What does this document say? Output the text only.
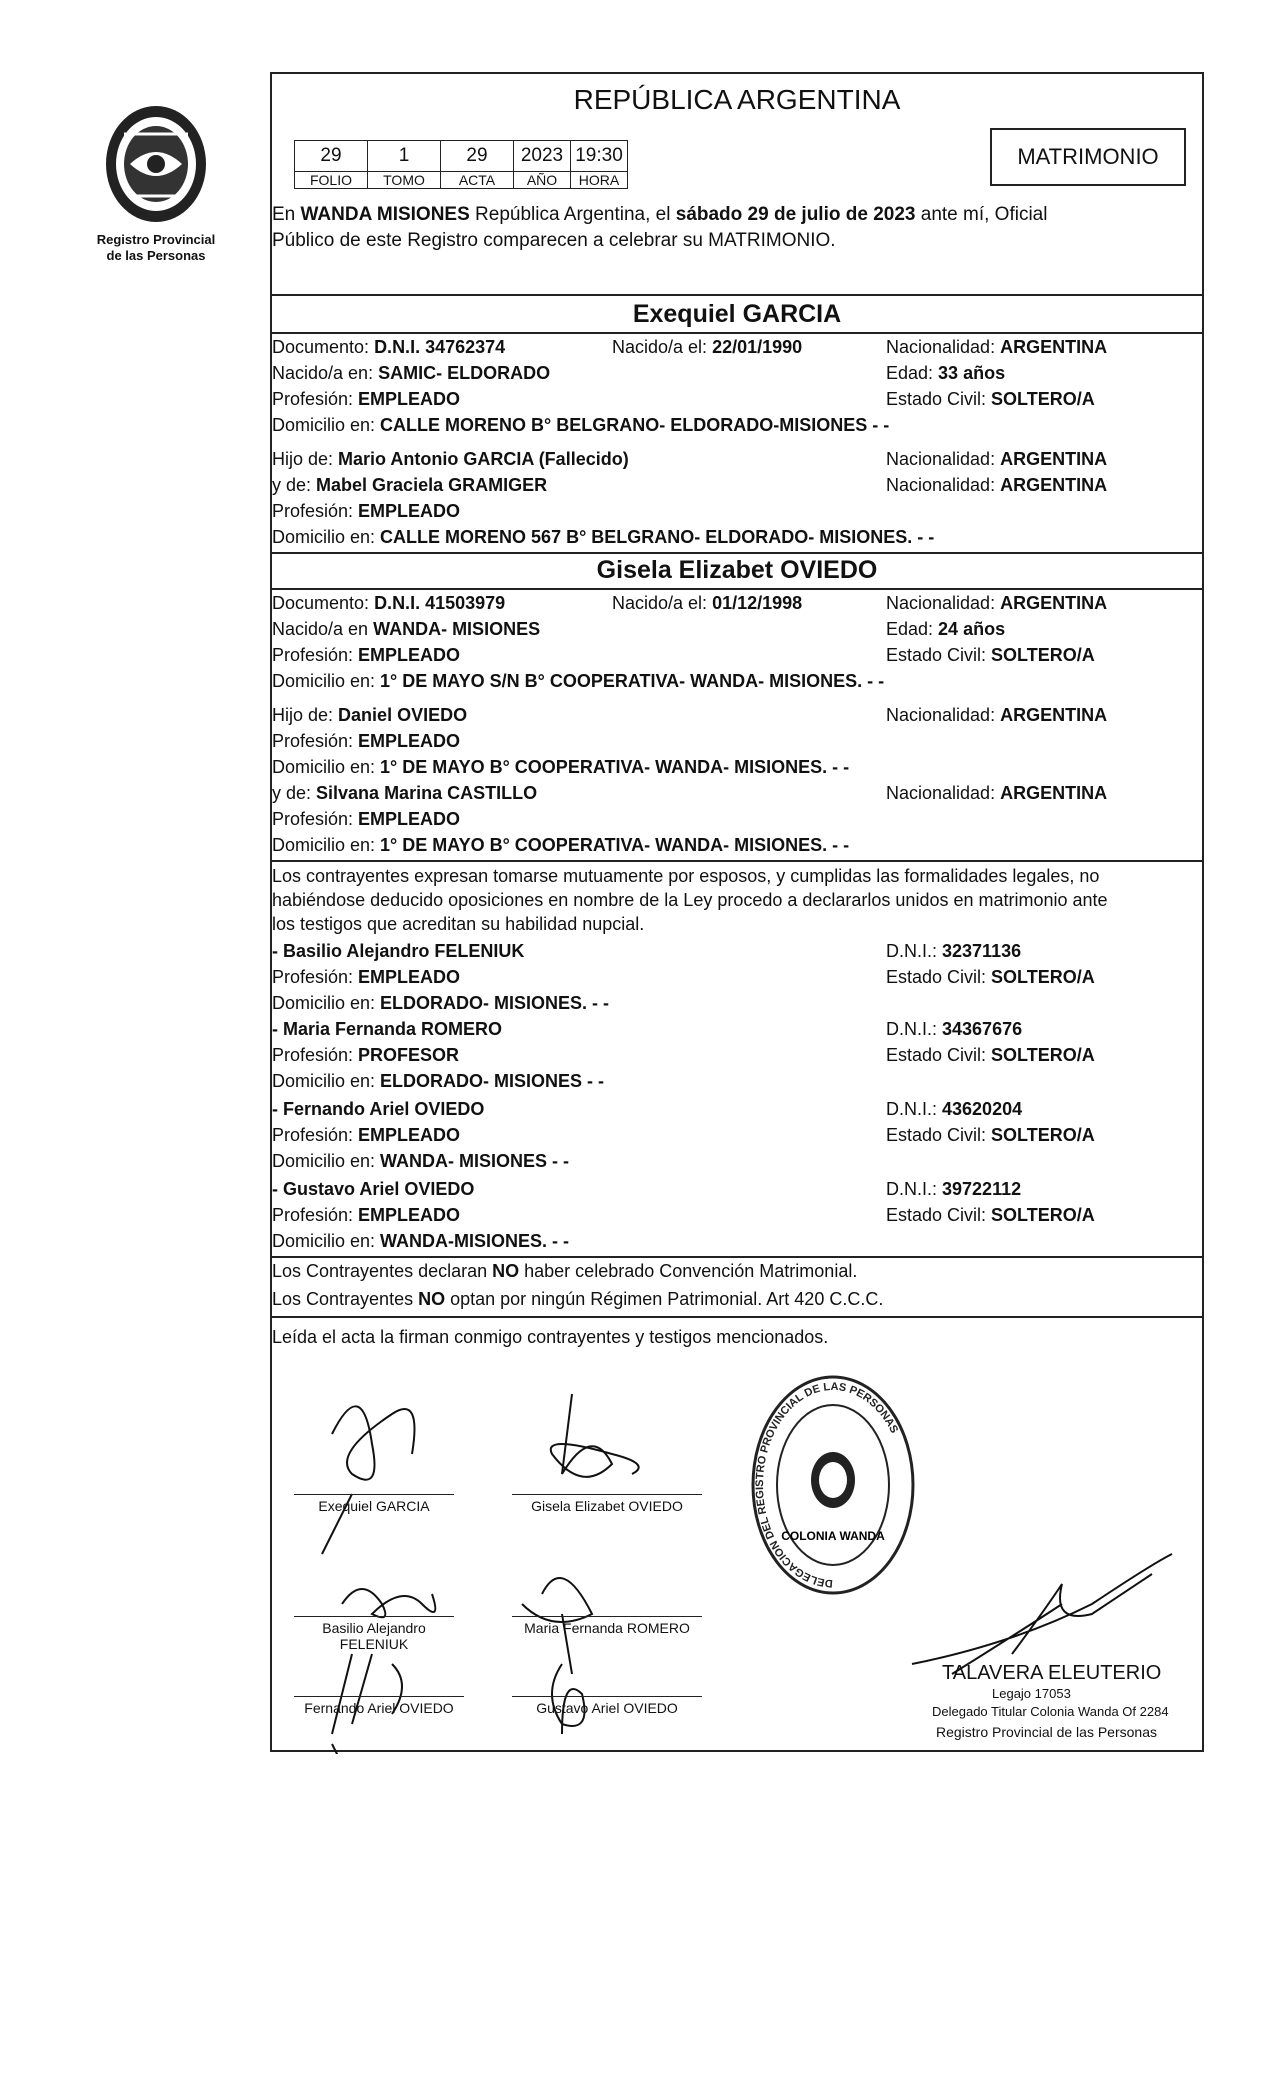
Registro Provincial
de las Personas
REPÚBLICA ARGENTINA
29	1	29	2023	19:30
FOLIO	TOMO	ACTA	AÑO	HORA
MATRIMONIO
En WANDA MISIONES República Argentina, el sábado 29 de julio de 2023 ante mí, Oficial
Público de este Registro comparecen a celebrar su MATRIMONIO.
Exequiel GARCIA
Documento: D.N.I. 34762374	Nacido/a el: 22/01/1990	Nacionalidad: ARGENTINA
Nacido/a en: SAMIC- ELDORADO	Edad: 33 años
Profesión: EMPLEADO	Estado Civil: SOLTERO/A
Domicilio en: CALLE MORENO B° BELGRANO- ELDORADO-MISIONES - -
Hijo de: Mario Antonio GARCIA (Fallecido)	Nacionalidad: ARGENTINA
y de: Mabel Graciela GRAMIGER	Nacionalidad: ARGENTINA
Profesión: EMPLEADO
Domicilio en: CALLE MORENO 567 B° BELGRANO- ELDORADO- MISIONES. - -
Gisela Elizabet OVIEDO
Documento: D.N.I. 41503979	Nacido/a el: 01/12/1998	Nacionalidad: ARGENTINA
Nacido/a en WANDA- MISIONES	Edad: 24 años
Profesión: EMPLEADO	Estado Civil: SOLTERO/A
Domicilio en: 1° DE MAYO S/N B° COOPERATIVA- WANDA- MISIONES. - -
Hijo de: Daniel OVIEDO	Nacionalidad: ARGENTINA
Profesión: EMPLEADO
Domicilio en: 1° DE MAYO B° COOPERATIVA- WANDA- MISIONES. - -
y de: Silvana Marina CASTILLO	Nacionalidad: ARGENTINA
Profesión: EMPLEADO
Domicilio en: 1° DE MAYO B° COOPERATIVA- WANDA- MISIONES. - -
Los contrayentes expresan tomarse mutuamente por esposos, y cumplidas las formalidades legales, no
habiéndose deducido oposiciones en nombre de la Ley procedo a declararlos unidos en matrimonio ante
los testigos que acreditan su habilidad nupcial.
- Basilio Alejandro FELENIUK	D.N.I.: 32371136
Profesión: EMPLEADO	Estado Civil: SOLTERO/A
Domicilio en: ELDORADO- MISIONES. - -
- Maria Fernanda ROMERO	D.N.I.: 34367676
Profesión: PROFESOR	Estado Civil: SOLTERO/A
Domicilio en: ELDORADO- MISIONES - -
- Fernando Ariel OVIEDO	D.N.I.: 43620204
Profesión: EMPLEADO	Estado Civil: SOLTERO/A
Domicilio en: WANDA- MISIONES - -
- Gustavo Ariel OVIEDO	D.N.I.: 39722112
Profesión: EMPLEADO	Estado Civil: SOLTERO/A
Domicilio en: WANDA-MISIONES. - -
Los Contrayentes declaran NO haber celebrado Convención Matrimonial.
Los Contrayentes NO optan por ningún Régimen Patrimonial. Art 420 C.C.C.
Leída el acta la firman conmigo contrayentes y testigos mencionados.
Exequiel GARCIA	Gisela Elizabet OVIEDO
Basilio Alejandro
FELENIUK
Maria Fernanda ROMERO
Fernando Ariel OVIEDO	Gustavo Ariel OVIEDO
DELEGACION DEL REGISTRO PROVINCIAL DE LAS PERSONAS
COLONIA WANDA
TALAVERA ELEUTERIO
Legajo 17053
Delegado Titular Colonia Wanda Of 2284
Registro Provincial de las Personas
